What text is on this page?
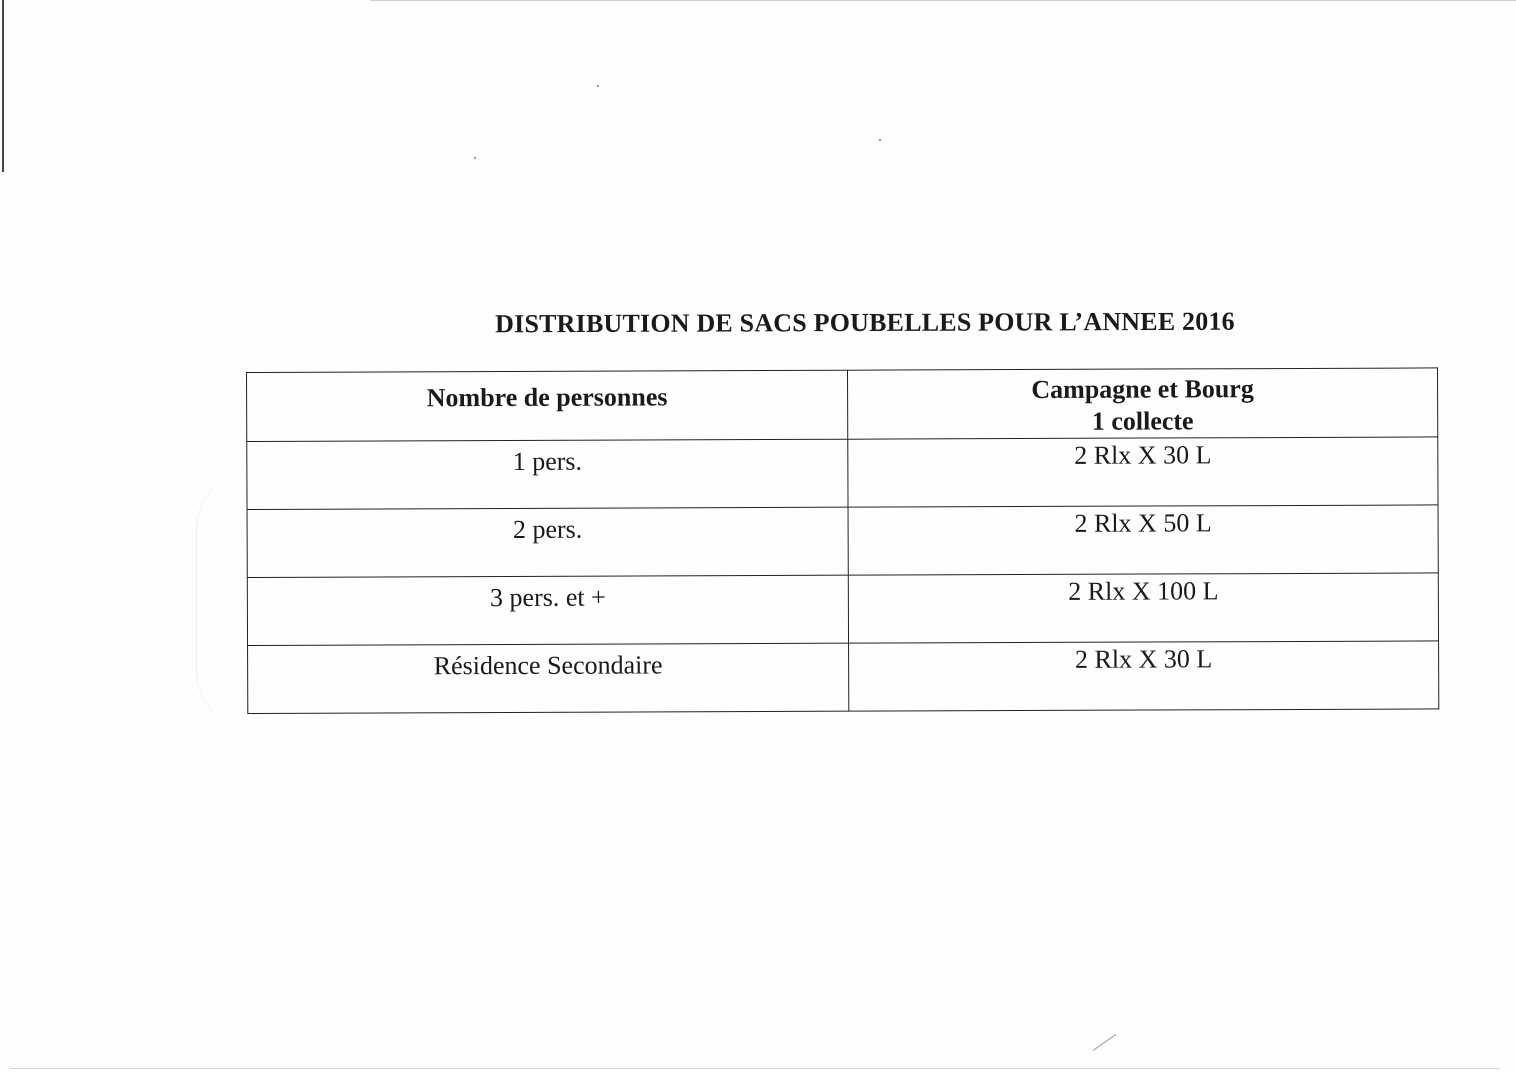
DISTRIBUTION DE SACS POUBELLES POUR L’ANNEE 2016
Nombre de personnes	Campagne et Bourg
1 collecte

1 pers.	2 Rlx X 30 L
2 pers.	2 Rlx X 50 L
3 pers. et +	2 Rlx X 100 L
Résidence Secondaire	2 Rlx X 30 L
